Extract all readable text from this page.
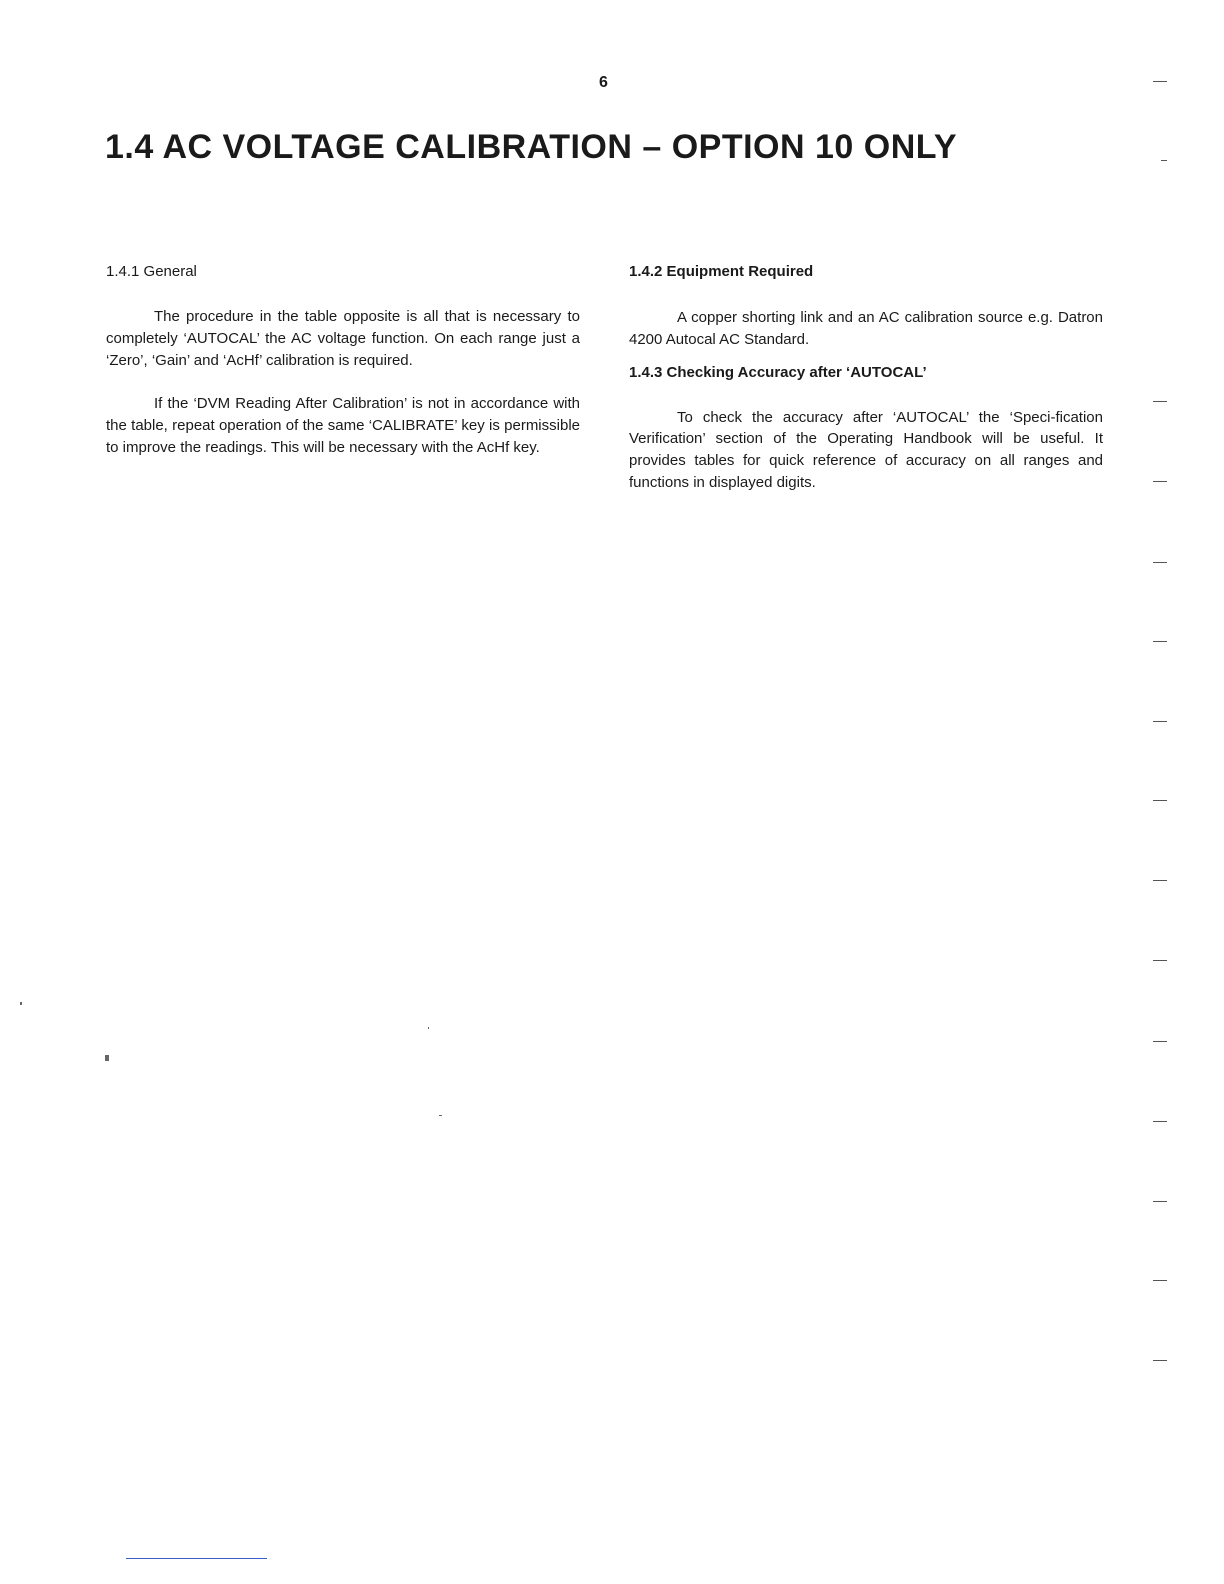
6
1.4 AC VOLTAGE CALIBRATION – OPTION 10 ONLY
1.4.1 General

The procedure in the table opposite is all that is necessary to completely ‘AUTOCAL’ the AC voltage function. On each range just a ‘Zero’, ‘Gain’ and ‘AcHf’ calibration is required.

If the ‘DVM Reading After Calibration’ is not in accordance with the table, repeat operation of the same ‘CALIBRATE’ key is permissible to improve the readings. This will be necessary with the AcHf key.

1.4.2 Equipment Required

A copper shorting link and an AC calibration source e.g. Datron 4200 Autocal AC Standard.

1.4.3 Checking Accuracy after ‘AUTOCAL’

To check the accuracy after ‘AUTOCAL’ the ‘Speci-fication Verification’ section of the Operating Handbook will be useful. It provides tables for quick reference of accuracy on all ranges and functions in displayed digits.
